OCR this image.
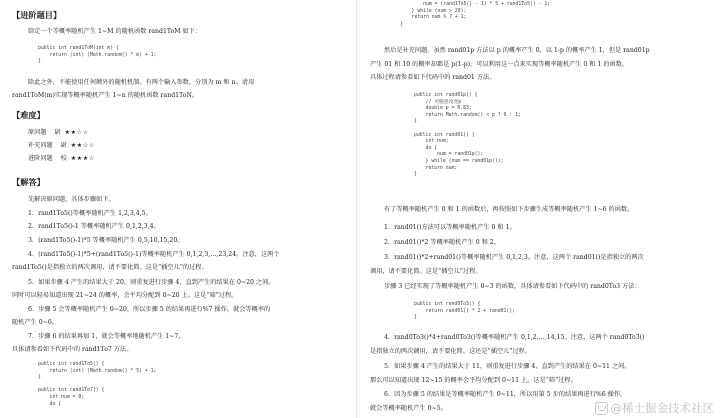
【进阶题目】
给定一个等概率随机产生 1~M 的随机函数 rand1ToM 如下：
public int rand1ToM(int m) {
return (int) (Math.random() * m) + 1;
}
除此之外，不能使用任何额外的随机机制。有两个输入参数，分别为 m 和 n。请用
rand1ToM(m)实现等概率随机产生 1~n 的随机函数 rand1ToN。
【难度】
原问题 尉 ★★☆☆
补充问题 尉 ★★☆☆
进阶问题 校 ★★★☆
【解答】
先解决原问题，具体步骤如下。
1．rand1To5()等概率随机产生 1,2,3,4,5。
2．rand1To5()-1 等概率随机产生 0,1,2,3,4。
3．(rand1To5()-1)*5 等概率随机产生 0,5,10,15,20。
4．(rand1To5()-1)*5+(rand1To5()-1)等概率随机产生 0,1,2,3,…,23,24。注意，这两个
rand1To5()是指独立的两次调用，请不要化简。这是“插空儿”的过程。
5．如果步骤 4 产生的结果大于 20，则重复进行步骤 4，直到产生的结果在 0~20 之间。
同时可以轻易知道出现 21~24 的概率，会平均分配到 0~20 上。这是“筛”过程。
6．步骤 5 会等概率随机产生 0~20，所以步骤 5 的结果再进行%7 操作，就会等概率的
随机产生 0~6。
7．步骤 6 的结果再加 1，就会等概率地随机产生 1~7。
具体请参看如下代码中的 rand1To7 方法。
public int rand1To5() {
return (int) (Math.random() * 5) + 1;
}

public int rand1To7() {
int num = 0;
do {
num = (rand1To5() - 1) * 5 + rand1To5() - 1;
} while (num > 20);
return num % 7 + 1;
}
然后是补充问题。虽然 rand01p 方法以 p 的概率产生 0，以 1-p 的概率产生 1，但是 rand01p
产生 01 和 10 的概率却都是 p(1-p)，可以利用这一点来实现等概率随机产生 0 和 1 的函数。
具体过程请参看如下代码中的 rand01 方法。
public int rand01p() {
// 可随意改变p
double p = 0.83;
return Math.random() < p ? 0 : 1;
}

public int rand01() {
int num;
do {
num = rand01p();
} while (num == rand01p());
return num;
}
有了等概率随机产生 0 和 1 的函数后，再按照如下步骤生成等概率随机产生 1~6 的函数。
1．rand01()方法可以等概率随机产生 0 和 1。
2．rand01()*2 等概率随机产生 0 和 2。
3．rand01()*2+rand01()等概率随机产生 0,1,2,3。注意，这两个 rand01()是指独立的两次
调用，请不要化简。这是“插空儿”过程。
步骤 3 已经实现了等概率随机产生 0~3 的函数，具体请参看如下代码中的 rand0To3 方法：
public int rand0To3() {
return rand01() * 2 + rand01();
}
4．rand0To3()*4+rand0To3()等概率随机产生 0,1,2,…,14,15。注意，这两个 rand0To3()
是指独立的两次调用，请不要化简。这还是“插空儿”过程。
5．如果步骤 4 产生的结果大于 11，则重复进行步骤 4，直到产生的结果在 0~11 之间。
那么可以知道出现 12~15 的概率会平均分配到 0~11 上。这是“筛”过程。
6．因为步骤 5 的结果是等概率随机产生 0~11，所以用第 5 步的结果再进行%6 操作，
就会等概率随机产生 0~5。	@稀土掘金技术社区
